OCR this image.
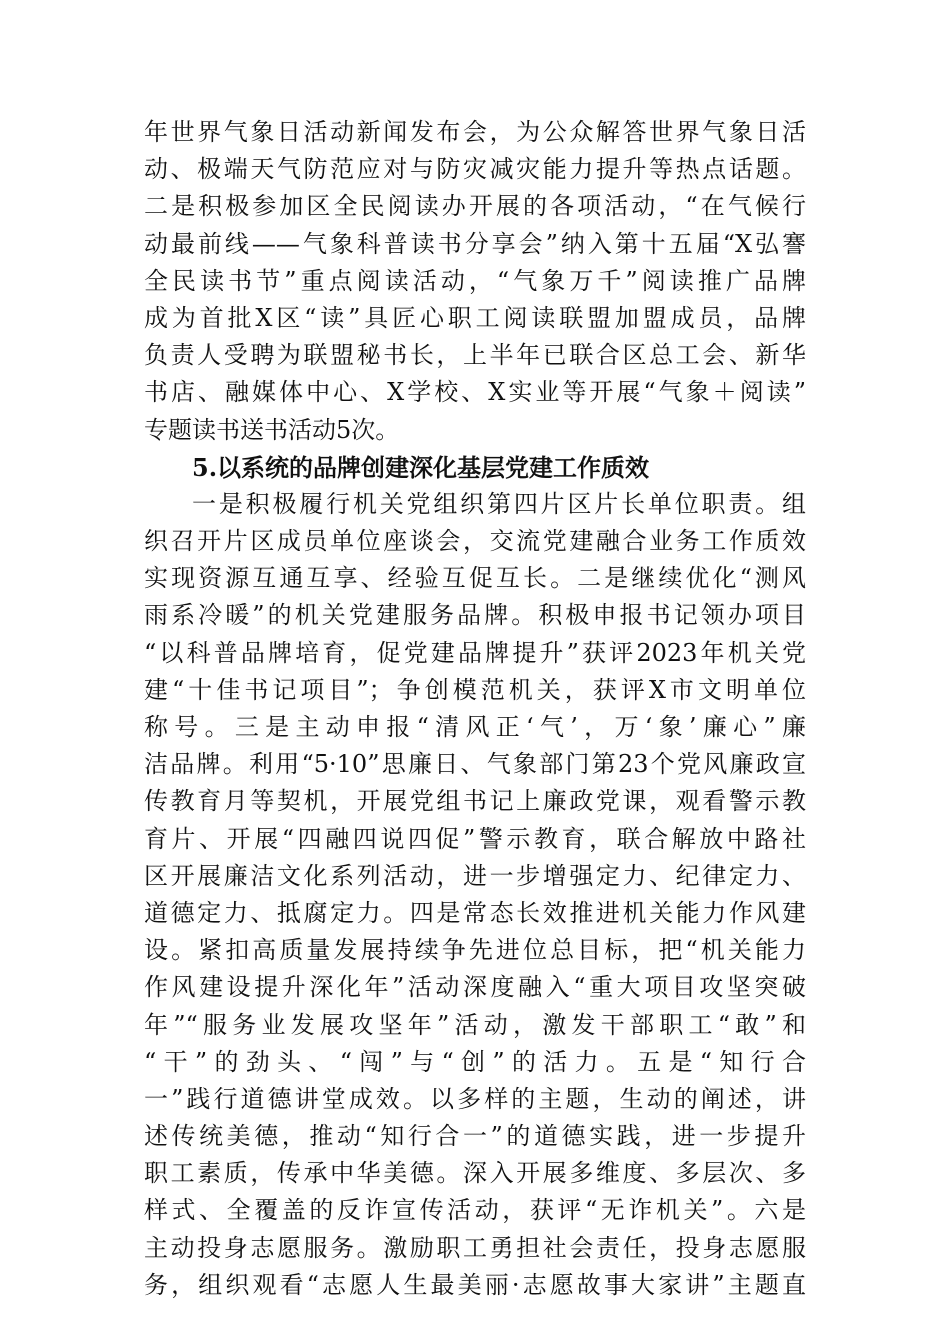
年世界气象日活动新闻发布会，为公众解答世界气象日活
动、极端天气防范应对与防灾减灾能力提升等热点话题。
二是积极参加区全民阅读办开展的各项活动，“在气候行
动最前线——气象科普读书分享会”纳入第十五届“X弘謇
全民读书节”重点阅读活动，“气象万千”阅读推广品牌
成为首批X区“读”具匠心职工阅读联盟加盟成员，品牌
负责人受聘为联盟秘书长，上半年已联合区总工会、新华
书店、融媒体中心、X学校、X实业等开展“气象＋阅读”
专题读书送书活动5次。
5.以系统的品牌创建深化基层党建工作质效
一是积极履行机关党组织第四片区片长单位职责。组
织召开片区成员单位座谈会，交流党建融合业务工作质效
实现资源互通互享、经验互促互长。二是继续优化“测风
雨系冷暖”的机关党建服务品牌。积极申报书记领办项目
“以科普品牌培育，促党建品牌提升”获评2023年机关党
建“十佳书记项目”；争创模范机关，获评X市文明单位
称号。三是主动申报“清风正‘气’，万‘象’廉心”廉
洁品牌。利用“5·10”思廉日、气象部门第23个党风廉政宣
传教育月等契机，开展党组书记上廉政党课，观看警示教
育片、开展“四融四说四促”警示教育，联合解放中路社
区开展廉洁文化系列活动，进一步增强定力、纪律定力、
道德定力、抵腐定力。四是常态长效推进机关能力作风建
设。紧扣高质量发展持续争先进位总目标，把“机关能力
作风建设提升深化年”活动深度融入“重大项目攻坚突破
年”“服务业发展攻坚年”活动，激发干部职工“敢”和
“干”的劲头、“闯”与“创”的活力。五是“知行合
一”践行道德讲堂成效。以多样的主题，生动的阐述，讲
述传统美德，推动“知行合一”的道德实践，进一步提升
职工素质，传承中华美德。深入开展多维度、多层次、多
样式、全覆盖的反诈宣传活动，获评“无诈机关”。六是
主动投身志愿服务。激励职工勇担社会责任，投身志愿服
务，组织观看“志愿人生最美丽·志愿故事大家讲”主题直
